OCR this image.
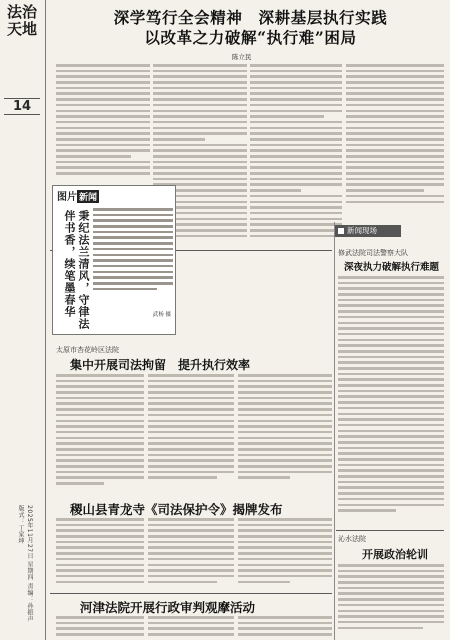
法治天地
14
2025年11月27日 星期四 责编：孙振声 版式：丁家坤
深学笃行全会精神　深耕基层执行实践
以改革之力破解“执行难”困局
陈立民
图片 新闻
秉纪法兰清风，守律法伴书香，续笔墨春华	武杨 摄
太原市杏花岭区法院
集中开展司法拘留　提升执行效率
稷山县青龙寺《司法保护令》揭牌发布
河津法院开展行政审判观摩活动
新闻现场
修武法院司法警察大队
深夜执力破解执行难题
沁水法院
开展政治轮训
